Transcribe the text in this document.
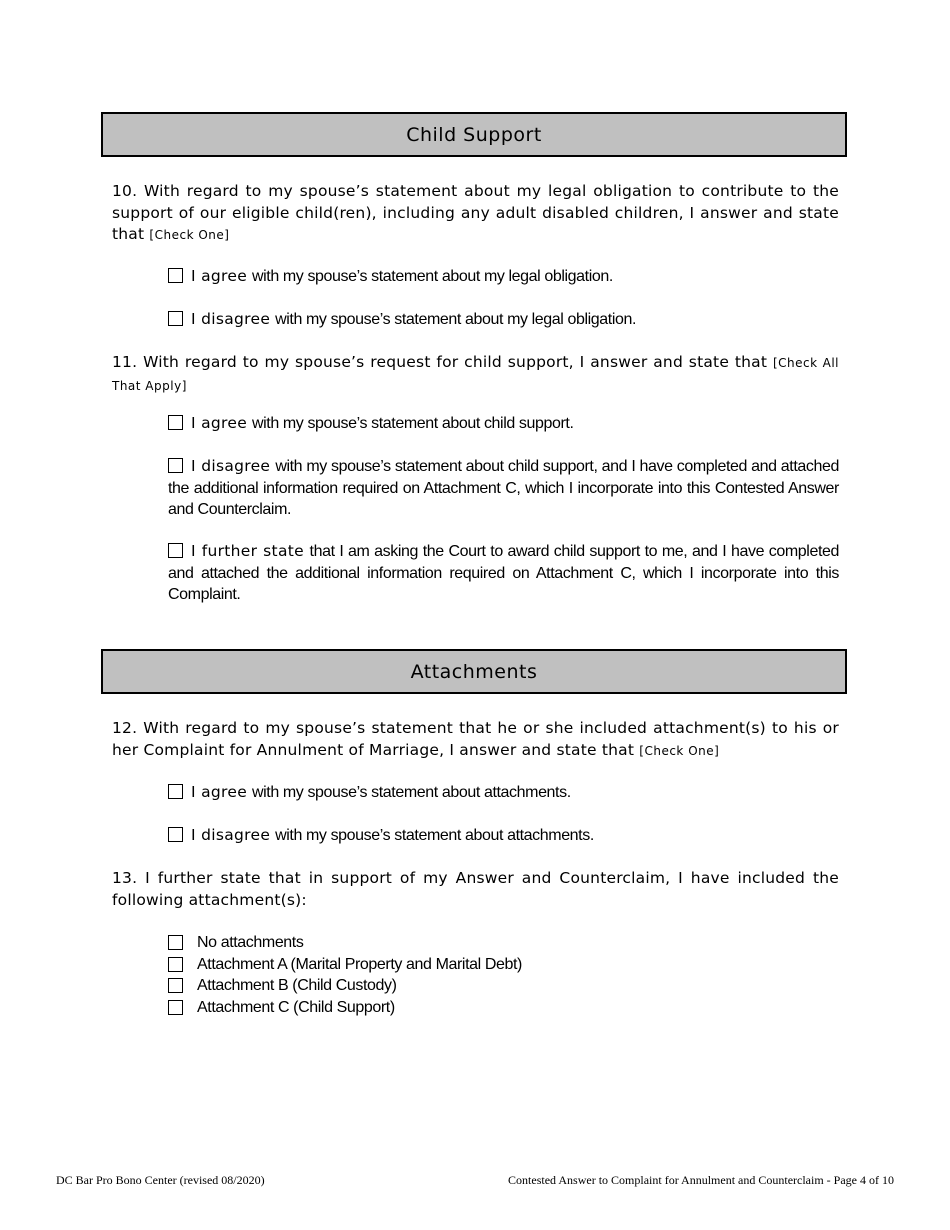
Child Support
10. With regard to my spouse’s statement about my legal obligation to contribute to the support of our eligible child(ren), including any adult disabled children, I answer and state that [Check One]
I agree with my spouse’s statement about my legal obligation.
I disagree with my spouse’s statement about my legal obligation.
11. With regard to my spouse’s request for child support, I answer and state that [Check All That Apply]
I agree with my spouse’s statement about child support.
I disagree with my spouse’s statement about child support, and I have completed and attached the additional information required on Attachment C, which I incorporate into this Contested Answer and Counterclaim.
I further state that I am asking the Court to award child support to me, and I have completed and attached the additional information required on Attachment C, which I incorporate into this Complaint.
Attachments
12. With regard to my spouse’s statement that he or she included attachment(s) to his or her Complaint for Annulment of Marriage, I answer and state that [Check One]
I agree with my spouse’s statement about attachments.
I disagree with my spouse’s statement about attachments.
13. I further state that in support of my Answer and Counterclaim, I have included the following attachment(s):
No attachments
Attachment A (Marital Property and Marital Debt)
Attachment B (Child Custody)
Attachment C (Child Support)
DC Bar Pro Bono Center (revised 08/2020)	Contested Answer to Complaint for Annulment and Counterclaim - Page 4 of 10
